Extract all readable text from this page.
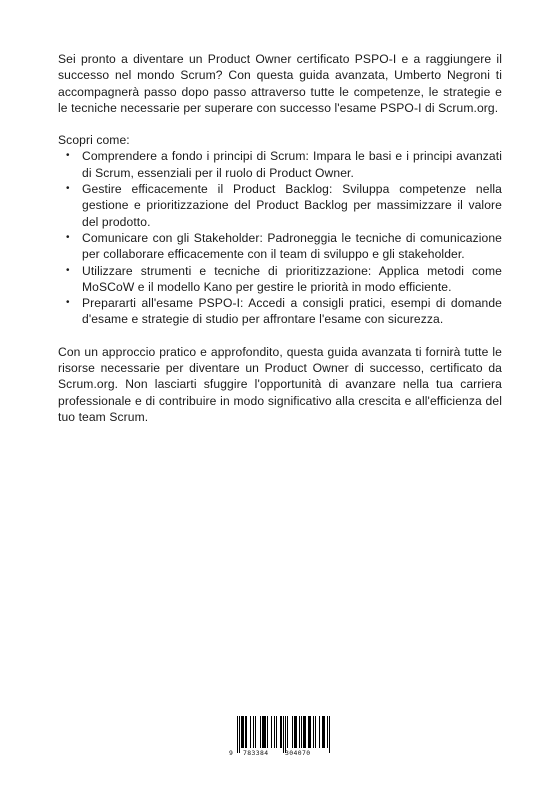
Sei pronto a diventare un Product Owner certificato PSPO-I e a raggiungere il successo nel mondo Scrum? Con questa guida avanzata, Umberto Negroni ti accompagnerà passo dopo passo attraverso tutte le competenze, le strategie e le tecniche necessarie per superare con successo l'esame PSPO-I di Scrum.org.

Scopri come:

• Comprendere a fondo i principi di Scrum: Impara le basi e i principi avanzati di Scrum, essenziali per il ruolo di Product Owner.
• Gestire efficacemente il Product Backlog: Sviluppa competenze nella gestione e prioritizzazione del Product Backlog per massimizzare il valore del prodotto.
• Comunicare con gli Stakeholder: Padroneggia le tecniche di comunicazione per collaborare efficacemente con il team di sviluppo e gli stakeholder.
• Utilizzare strumenti e tecniche di prioritizzazione: Applica metodi come MoSCoW e il modello Kano per gestire le priorità in modo efficiente.
• Prepararti all'esame PSPO-I: Accedi a consigli pratici, esempi di domande d'esame e strategie di studio per affrontare l'esame con sicurezza.

Con un approccio pratico e approfondito, questa guida avanzata ti fornirà tutte le risorse necessarie per diventare un Product Owner di successo, certificato da Scrum.org. Non lasciarti sfuggire l'opportunità di avanzare nella tua carriera professionale e di contribuire in modo significativo alla crescita e all'efficienza del tuo team Scrum.

9 783384	304070
